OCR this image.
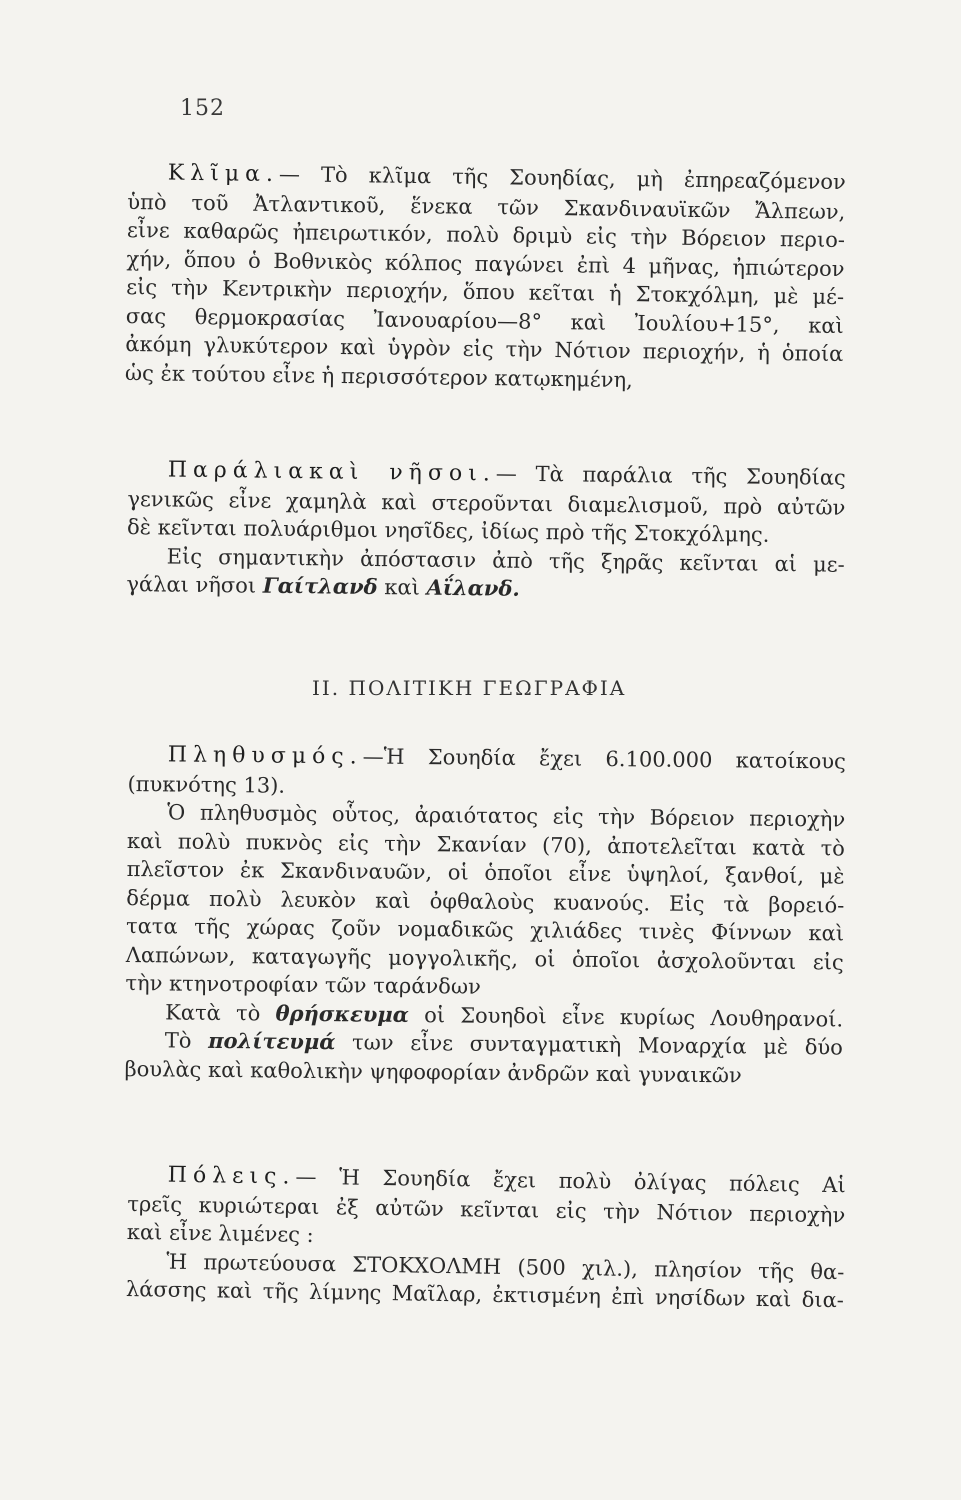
152
Κλῖμα.— Τὸ κλῖμα τῆς Σουηδίας, μὴ ἐπηρεαζόμενον
ὑπὸ τοῦ Ἀτλαντικοῦ, ἕνεκα τῶν Σκανδιναυϊκῶν Ἄλπεων,
εἶνε καθαρῶς ἠπειρωτικόν, πολὺ δριμὺ εἰς τὴν Βόρειον περιο-
χήν, ὅπου ὁ Βοθνικὸς κόλπος παγώνει ἐπὶ 4 μῆνας, ἠπιώτερον
εἰς τὴν Κεντρικὴν περιοχήν, ὅπου κεῖται ἡ Στοκχόλμη, μὲ μέ-
σας θερμοκρασίας Ἰανουαρίου—8° καὶ Ἰουλίου+15°, καὶ
ἀκόμη γλυκύτερον καὶ ὑγρὸν εἰς τὴν Νότιον περιοχήν, ἡ ὁποία
ὡς ἐκ τούτου εἶνε ἡ περισσότερον κατῳκημένη,
Παράλιακαὶ νῆσοι.— Τὰ παράλια τῆς Σουηδίας
γενικῶς εἶνε χαμηλὰ καὶ στεροῦνται διαμελισμοῦ, πρὸ αὐτῶν
δὲ κεῖνται πολυάριθμοι νησῖδες, ἰδίως πρὸ τῆς Στοκχόλμης.
Εἰς σημαντικὴν ἀπόστασιν ἀπὸ τῆς ξηρᾶς κεῖνται αἱ με-
γάλαι νῆσοι Γαίτλανδ καὶ Αΐλανδ.
II. ΠΟΛΙΤΙΚΗ ΓΕΩΓΡΑΦΙΑ
Πληθυσμός.—Ἡ Σουηδία ἔχει 6.100.000 κατοίκους
(πυκνότης 13).
Ὁ πληθυσμὸς οὗτος, ἀραιότατος εἰς τὴν Βόρειον περιοχὴν
καὶ πολὺ πυκνὸς εἰς τὴν Σκανίαν (70), ἀποτελεῖται κατὰ τὸ
πλεῖστον ἐκ Σκανδιναυῶν, οἱ ὁποῖοι εἶνε ὑψηλοί, ξανθοί, μὲ
δέρμα πολὺ λευκὸν καὶ ὀφθαλοὺς κυανούς. Εἰς τὰ βορειό-
τατα τῆς χώρας ζοῦν νομαδικῶς χιλιάδες τινὲς Φίννων καὶ
Λαπώνων, καταγωγῆς μογγολικῆς, οἱ ὁποῖοι ἀσχολοῦνται εἰς
τὴν κτηνοτροφίαν τῶν ταράνδων
Κατὰ τὸ θρήσκευμα οἱ Σουηδοὶ εἶνε κυρίως Λουθηρανοί.
Τὸ πολίτευμά των εἶνε συνταγματικὴ Μοναρχία μὲ δύο
βουλὰς καὶ καθολικὴν ψηφοφορίαν ἀνδρῶν καὶ γυναικῶν
Πόλεις.— Ἡ Σουηδία ἔχει πολὺ ὀλίγας πόλεις Αἱ
τρεῖς κυριώτεραι ἐξ αὐτῶν κεῖνται εἰς τὴν Νότιον περιοχὴν
καὶ εἶνε λιμένες :
Ἡ πρωτεύουσα ΣΤΟΚΧΟΛΜΗ (500 χιλ.), πλησίον τῆς θα-
λάσσης καὶ τῆς λίμνης Μαῖλαρ, ἐκτισμένη ἐπὶ νησίδων καὶ δια-
